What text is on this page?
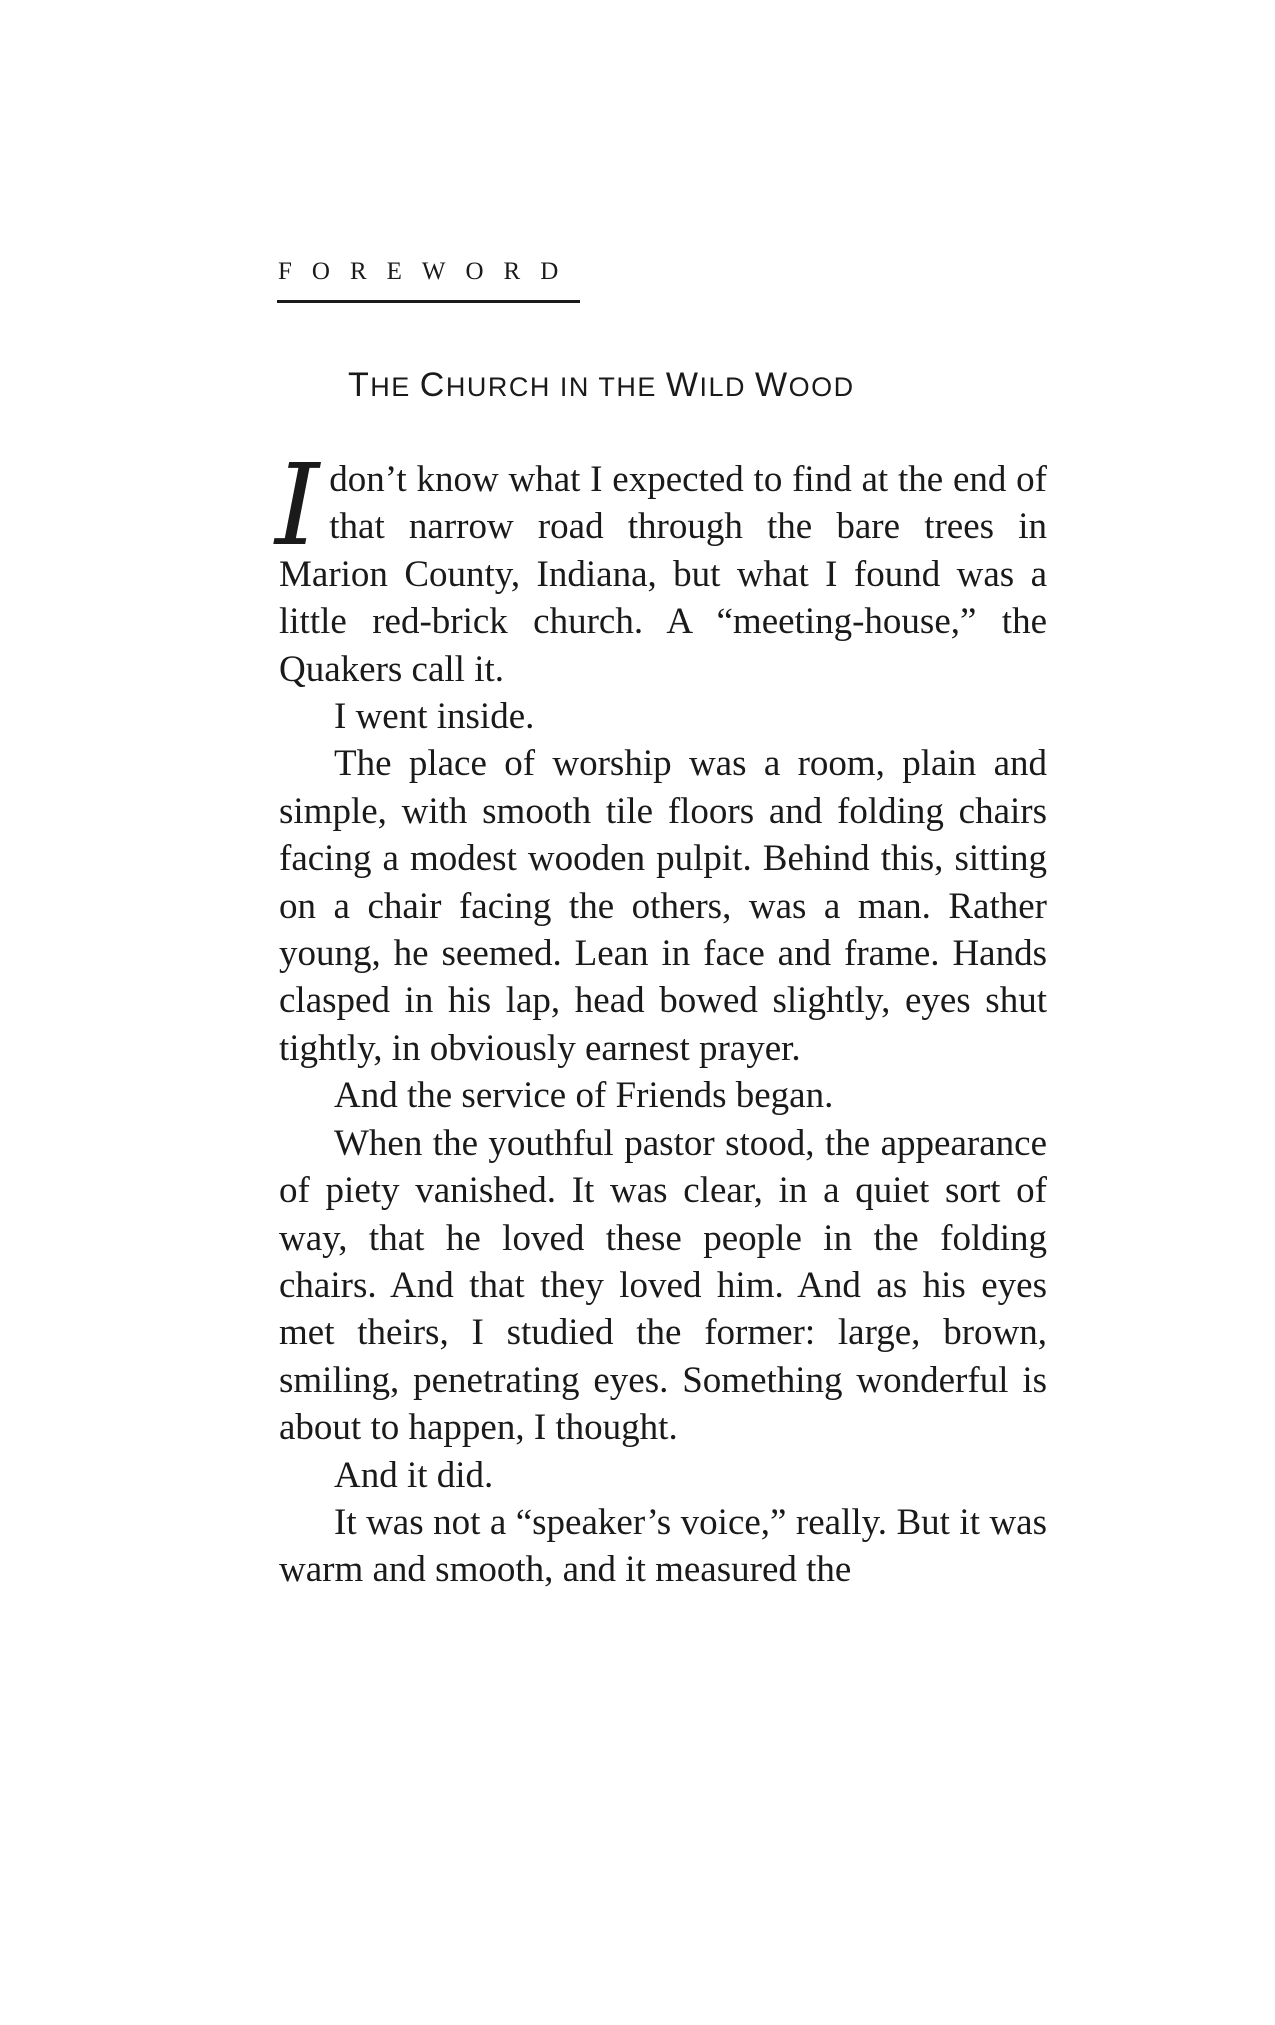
FOREWORD
THE CHURCH IN THE WILD WOOD

Idon’t know what I expected to find at the end of that narrow road through the bare trees in Marion County, Indiana, but what I found was a little red-brick church. A “meeting-house,” the Quakers call it.

I went inside.

The place of worship was a room, plain and simple, with smooth tile floors and folding chairs facing a modest wooden pulpit. Behind this, sitting on a chair facing the others, was a man. Rather young, he seemed. Lean in face and frame. Hands clasped in his lap, head bowed slightly, eyes shut tightly, in obviously earnest prayer.

And the service of Friends began.

When the youthful pastor stood, the appearance of piety vanished. It was clear, in a quiet sort of way, that he loved these people in the folding chairs. And that they loved him. And as his eyes met theirs, I studied the former: large, brown, smiling, penetrating eyes. Something wonderful is about to happen, I thought.

And it did.

It was not a “speaker’s voice,” really. But it was warm and smooth, and it measured the
